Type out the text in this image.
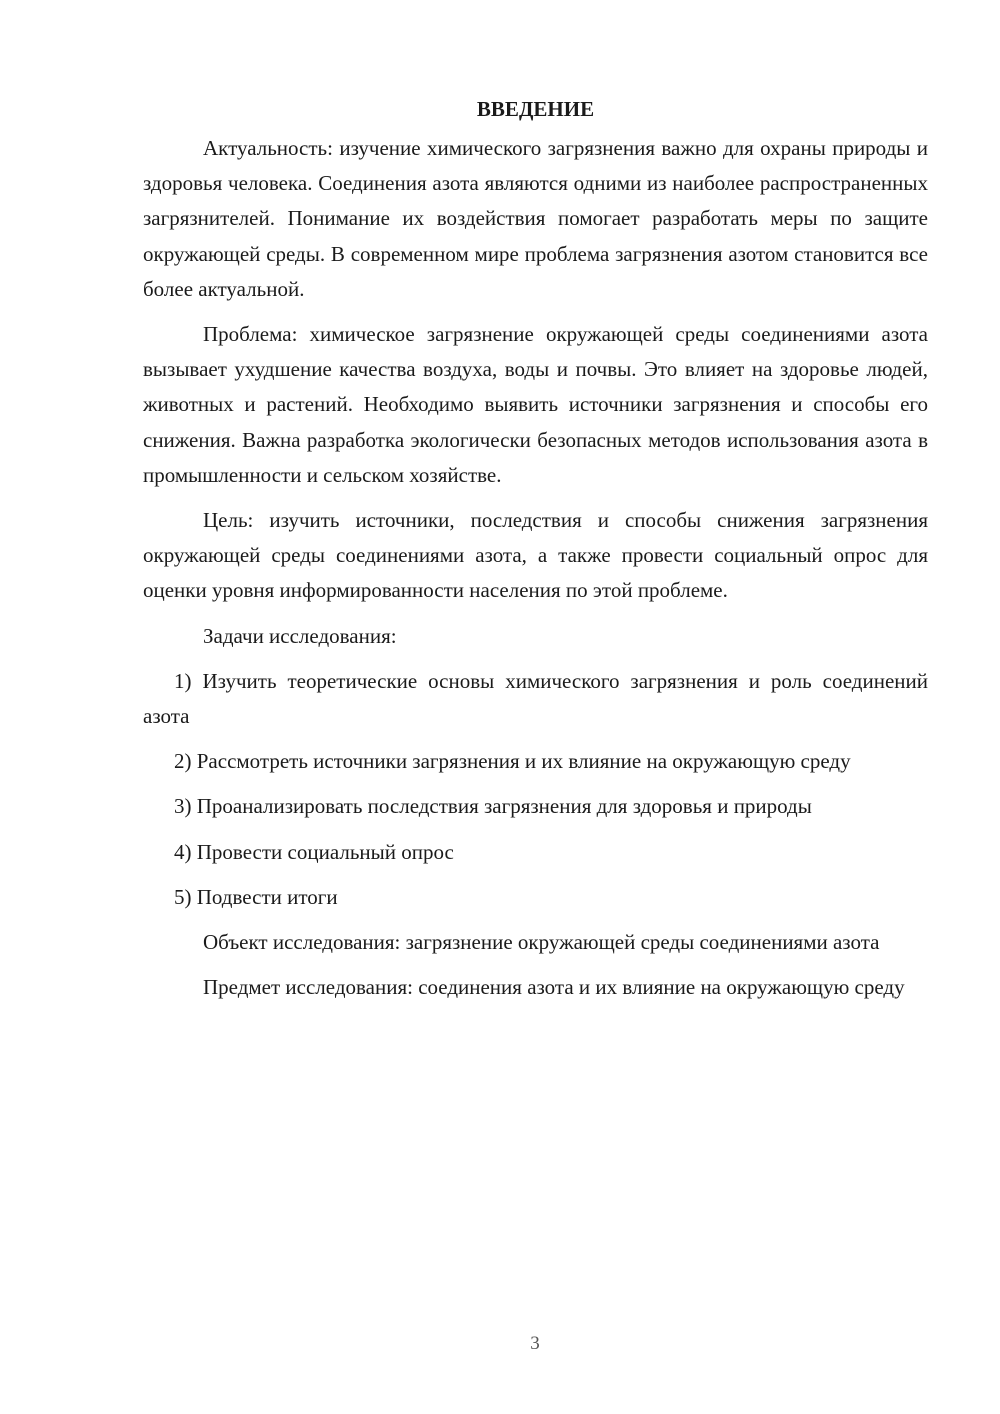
ВВЕДЕНИЕ

Актуальность: изучение химического загрязнения важно для охраны природы и здоровья человека. Соединения азота являются одними из наиболее распространенных загрязнителей. Понимание их воздействия помогает разработать меры по защите окружающей среды. В современном мире проблема загрязнения азотом становится все более актуальной.

Проблема: химическое загрязнение окружающей среды соединениями азота вызывает ухудшение качества воздуха, воды и почвы. Это влияет на здоровье людей, животных и растений. Необходимо выявить источники загрязнения и способы его снижения. Важна разработка экологически безопасных методов использования азота в промышленности и сельском хозяйстве.

Цель: изучить источники, последствия и способы снижения загрязнения окружающей среды соединениями азота, а также провести социальный опрос для оценки уровня информированности населения по этой проблеме.

Задачи исследования:

1) Изучить теоретические основы химического загрязнения и роль соединений азота

2) Рассмотреть источники загрязнения и их влияние на окружающую среду

3) Проанализировать последствия загрязнения для здоровья и природы

4) Провести социальный опрос

5) Подвести итоги

Объект исследования: загрязнение окружающей среды соединениями азота

Предмет исследования: соединения азота и их влияние на окружающую среду

3
